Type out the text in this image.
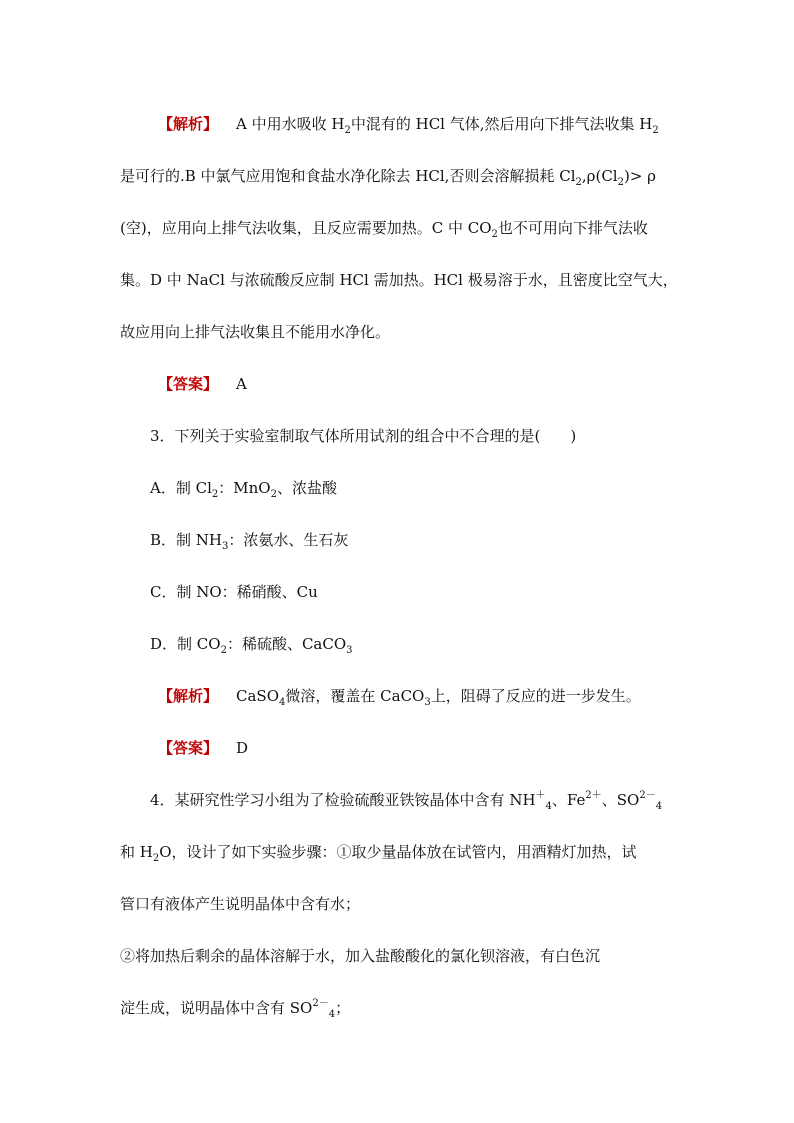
【解析】 A 中用水吸收 $H_2$中混有的 HCl 气体,然后用向下排气法收集 $H_2$
是可行的.B 中氯气应用饱和食盐水净化除去 HCl,否则会溶解损耗 $Cl_2,\rho(Cl_2)> \rho$
(空)，应用向上排气法收集，且反应需要加热。C 中 $CO_2$也不可用向下排气法收
集。D 中 NaCl 与浓硫酸反应制 HCl 需加热。HCl 极易溶于水，且密度比空气大，
故应用向上排气法收集且不能用水净化。
【答案】 A
3．下列关于实验室制取气体所用试剂的组合中不合理的是(　　)
A．制 $Cl_2$：MnO$_2$、浓盐酸
B．制 $NH_3$：浓氨水、生石灰
C．制 NO：稀硝酸、Cu
D．制 $CO_2$：稀硫酸、CaCO$_3$
【解析】 CaSO$_4$微溶，覆盖在 CaCO$_3$上，阻碍了反应的进一步发生。
【答案】 D
4．某研究性学习小组为了检验硫酸亚铁铵晶体中含有 $NH^+_4$、$Fe^{2+}$、$SO^{2-}_4$
和 $H_2O$，设计了如下实验步骤：①取少量晶体放在试管内，用酒精灯加热，试
管口有液体产生说明晶体中含有水；
②将加热后剩余的晶体溶解于水，加入盐酸酸化的氯化钡溶液，有白色沉
淀生成，说明晶体中含有 $SO^{2-}_4$；
